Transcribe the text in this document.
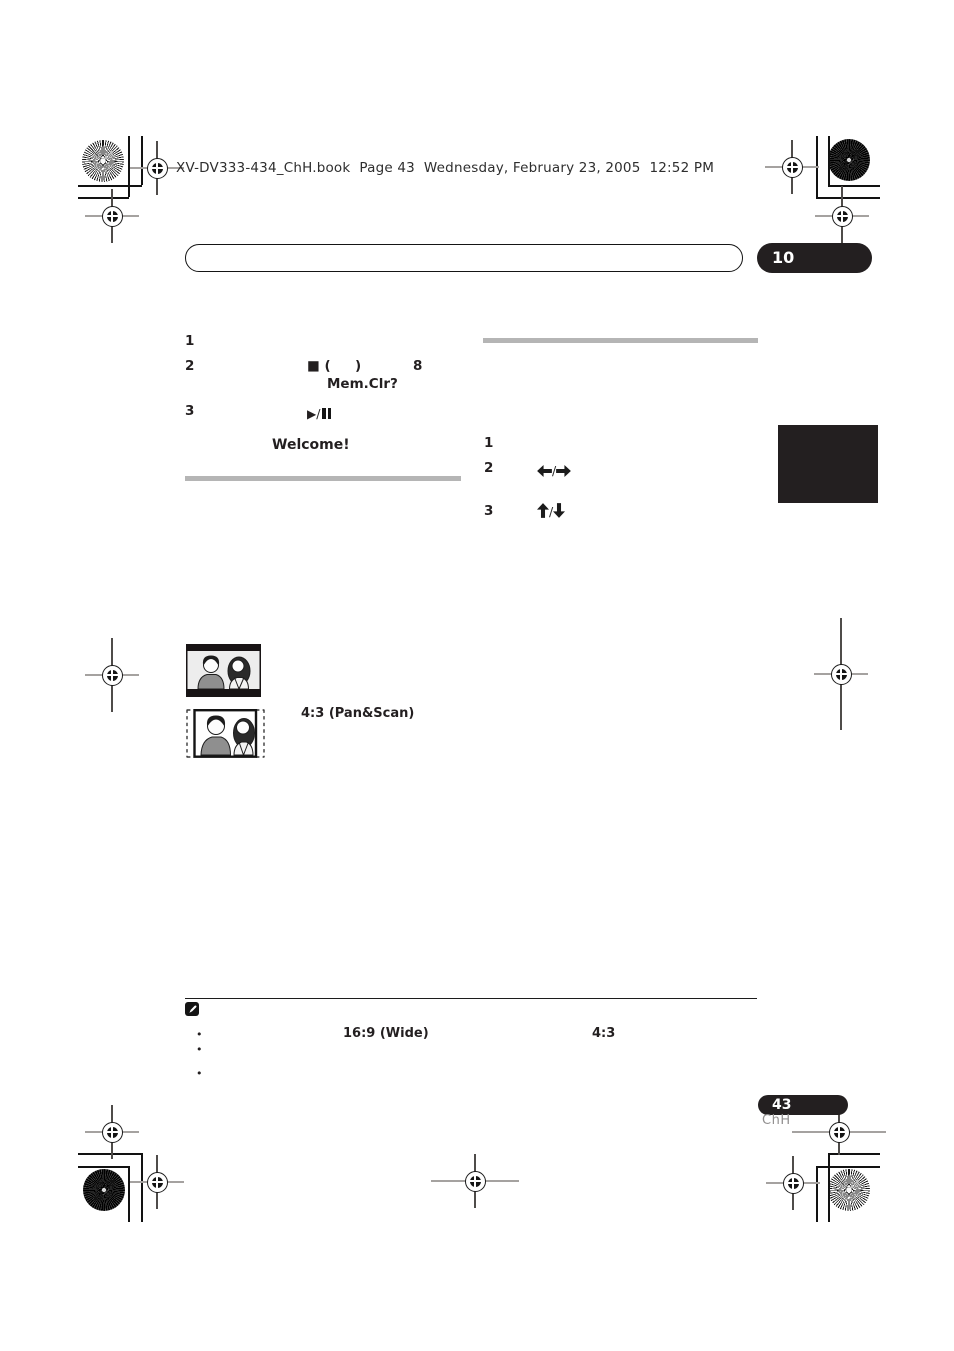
XV-DV333-434_ChH.book  Page 43  Wednesday, February 23, 2005  12:52 PM
10
1
2	■ ( )	8
Mem.Clr?
3	▶/
Welcome!	1
2	/
3	/
4:3 (Pan&Scan)
•	16:9 (Wide)	4:3
•
•
43
ChH
